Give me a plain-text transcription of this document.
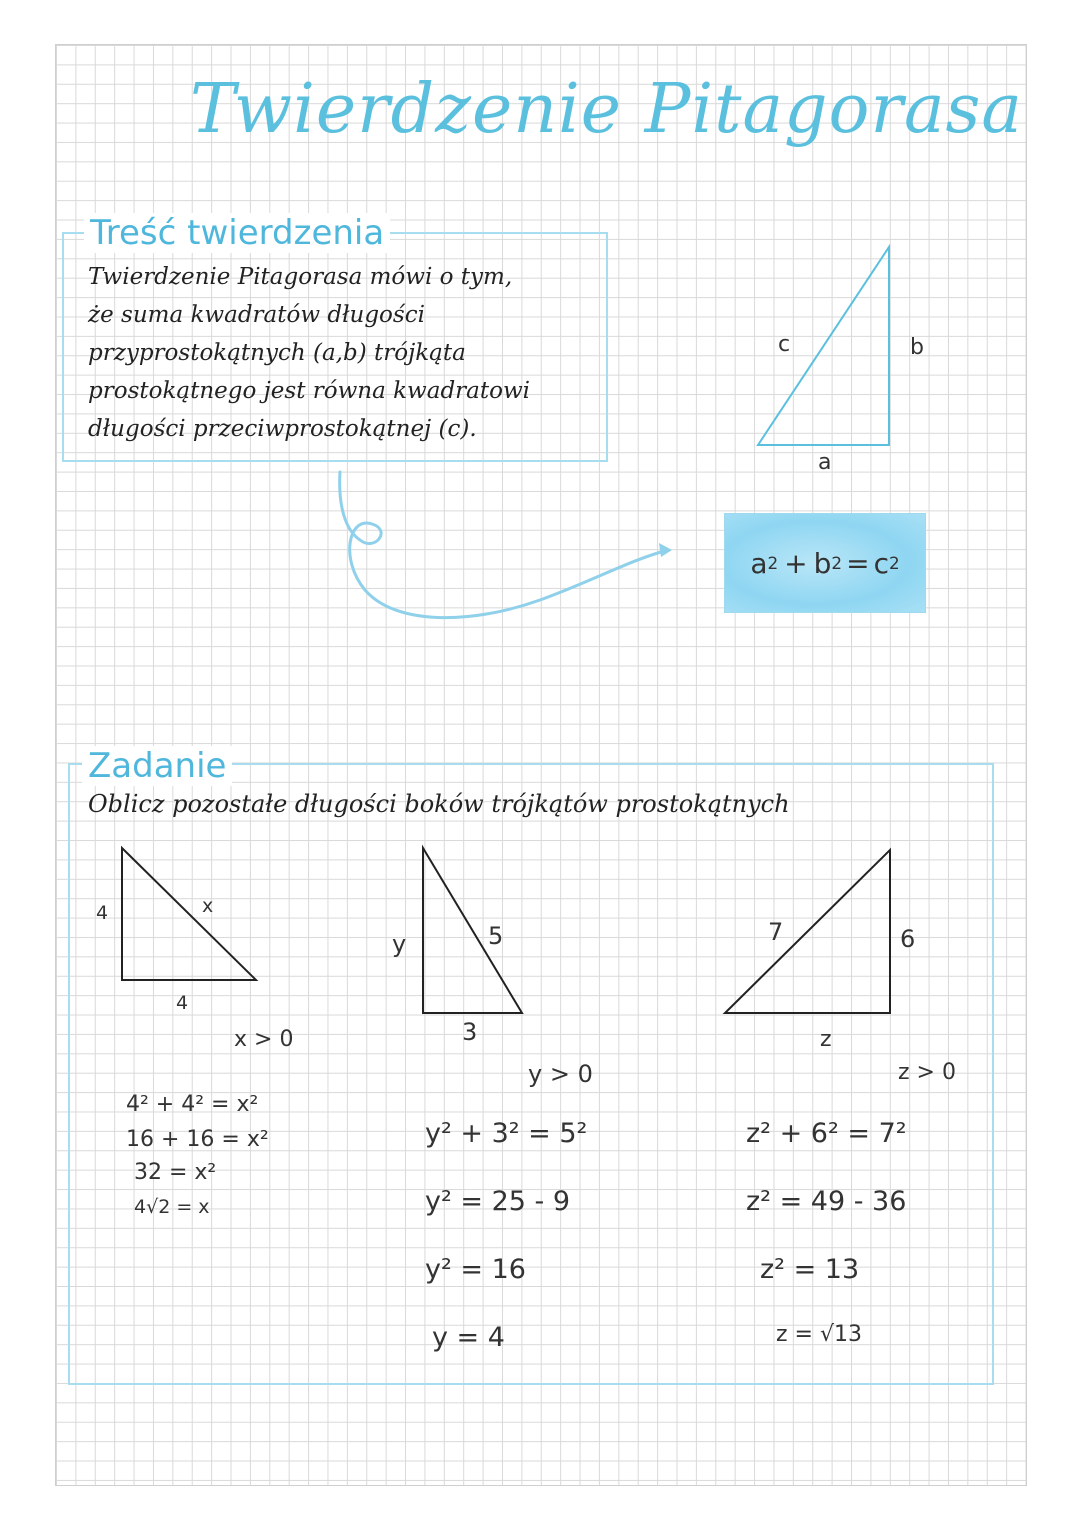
Twierdzenie Pitagorasa
Treść twierdzenia
Twierdzenie Pitagorasa mówi o tym,
że suma kwadratów długości
przyprostokątnych (a,b) trójkąta
prostokątnego jest równa kwadratowi
długości przeciwprostokątnej (c).
c	b
a
a 2 + b 2 = c 2
Zadanie
Oblicz pozostałe długości boków trójkątów prostokątnych
4	x
4
x > 0
4² + 4² = x²
16 + 16 = x²
32 = x²
4√2 = x
y	5
3
y > 0
y² + 3² = 5²
y² = 25 - 9
y² = 16
y = 4
7	6
z
z > 0
z² + 6² = 7²
z² = 49 - 36
z² = 13
z = √13
